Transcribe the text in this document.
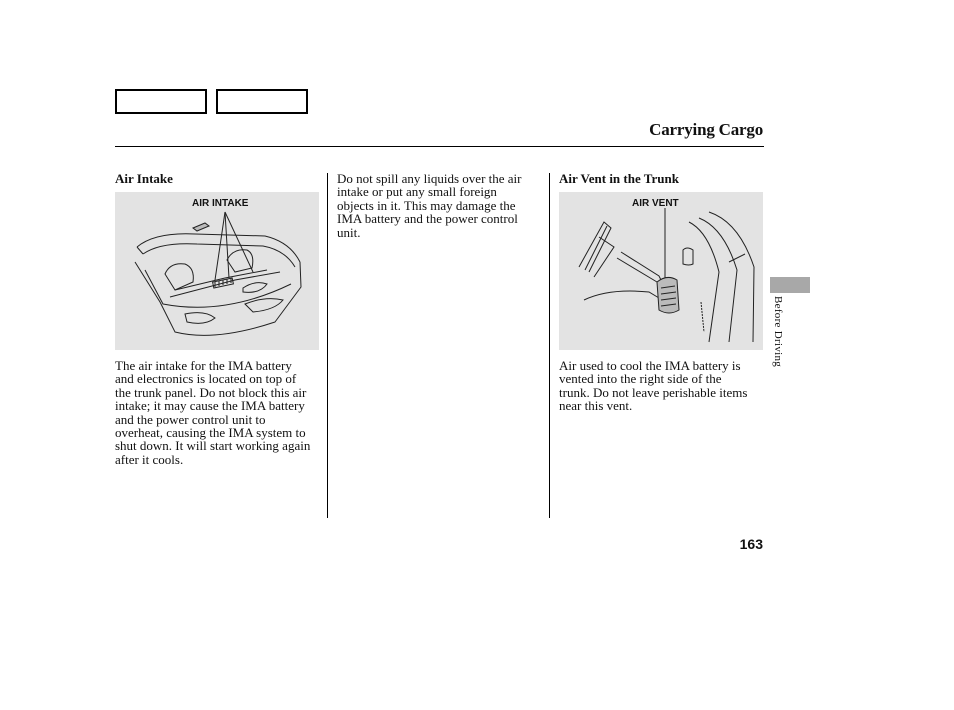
Carrying Cargo
Air Intake
AIR INTAKE
The air intake for the IMA battery
and electronics is located on top of
the trunk panel. Do not block this air
intake; it may cause the IMA battery
and the power control unit to
overheat, causing the IMA system to
shut down. It will start working again
after it cools.
Do not spill any liquids over the air
intake or put any small foreign
objects in it. This may damage the
IMA battery and the power control
unit.
Air Vent in the Trunk
AIR VENT
Air used to cool the IMA battery is
vented into the right side of the
trunk. Do not leave perishable items
near this vent.
Before Driving
163
